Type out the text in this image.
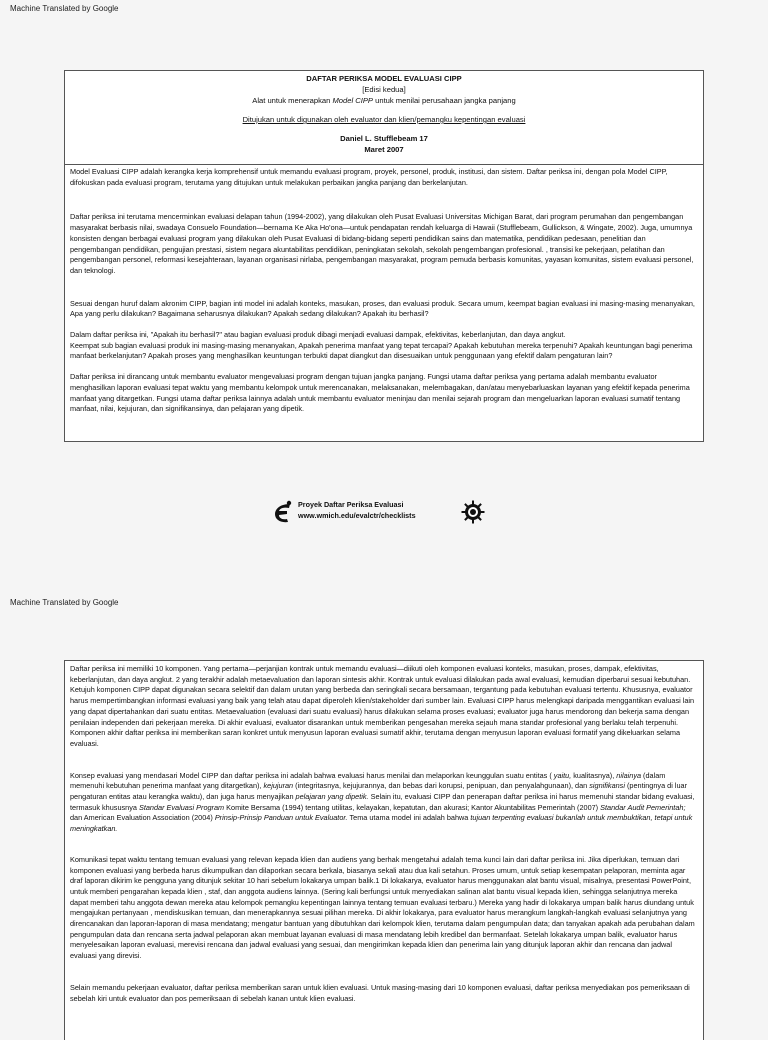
Machine Translated by Google
DAFTAR PERIKSA MODEL EVALUASI CIPP
[Edisi kedua]
Alat untuk menerapkan Model CIPP untuk menilai perusahaan jangka panjang
Ditujukan untuk digunakan oleh evaluator dan klien/pemangku kepentingan evaluasi
Daniel L. Stufflebeam 17
Maret 2007

Model Evaluasi CIPP adalah kerangka kerja komprehensif untuk memandu evaluasi program, proyek, personel, produk, institusi, dan sistem. Daftar periksa ini, dengan pola Model CIPP, difokuskan pada evaluasi program, terutama yang ditujukan untuk melakukan perbaikan jangka panjang dan berkelanjutan.

Daftar periksa ini terutama mencerminkan evaluasi delapan tahun (1994-2002), yang dilakukan oleh Pusat Evaluasi Universitas Michigan Barat, dari program perumahan dan pengembangan masyarakat berbasis nilai, swadaya Consuelo Foundation—bernama Ke Aka Ho'ona—untuk pendapatan rendah keluarga di Hawaii (Stufflebeam, Gullickson, & Wingate, 2002). Juga, umumnya konsisten dengan berbagai evaluasi program yang dilakukan oleh Pusat Evaluasi di bidang-bidang seperti pendidikan sains dan matematika, pendidikan pedesaan, penelitian dan pengembangan pendidikan, pengujian prestasi, sistem negara akuntabilitas pendidikan, peningkatan sekolah, sekolah pengembangan profesional. , transisi ke pekerjaan, pelatihan dan pengembangan personel, reformasi kesejahteraan, layanan organisasi nirlaba, pengembangan masyarakat, program pemuda berbasis komunitas, yayasan komunitas, sistem evaluasi personel, dan teknologi.

Sesuai dengan huruf dalam akronim CIPP, bagian inti model ini adalah konteks, masukan, proses, dan evaluasi produk. Secara umum, keempat bagian evaluasi ini masing-masing menanyakan, Apa yang perlu dilakukan? Bagaimana seharusnya dilakukan? Apakah sedang dilakukan? Apakah itu berhasil?

Dalam daftar periksa ini, "Apakah itu berhasil?" atau bagian evaluasi produk dibagi menjadi evaluasi dampak, efektivitas, keberlanjutan, dan daya angkut.

Keempat sub bagian evaluasi produk ini masing-masing menanyakan, Apakah penerima manfaat yang tepat tercapai? Apakah kebutuhan mereka terpenuhi? Apakah keuntungan bagi penerima manfaat berkelanjutan? Apakah proses yang menghasilkan keuntungan terbukti dapat diangkut dan disesuaikan untuk penggunaan yang efektif dalam pengaturan lain?

Daftar periksa ini dirancang untuk membantu evaluator mengevaluasi program dengan tujuan jangka panjang. Fungsi utama daftar periksa yang pertama adalah membantu evaluator menghasilkan laporan evaluasi tepat waktu yang membantu kelompok untuk merencanakan, melaksanakan, melembagakan, dan/atau menyebarluaskan layanan yang efektif kepada penerima manfaat yang ditargetkan. Fungsi utama daftar periksa lainnya adalah untuk membantu evaluator meninjau dan menilai sejarah program dan mengeluarkan laporan evaluasi sumatif tentang manfaat, nilai, kejujuran, dan signifikansinya, dan pelajaran yang dipetik.

Proyek Daftar Periksa Evaluasi
www.wmich.edu/evalctr/checklists
Machine Translated by Google

Daftar periksa ini memiliki 10 komponen. Yang pertama—perjanjian kontrak untuk memandu evaluasi—diikuti oleh komponen evaluasi konteks, masukan, proses, dampak, efektivitas, keberlanjutan, dan daya angkut. 2 yang terakhir adalah metaevaluation dan laporan sintesis akhir. Kontrak untuk evaluasi dilakukan pada awal evaluasi, kemudian diperbarui sesuai kebutuhan. Ketujuh komponen CIPP dapat digunakan secara selektif dan dalam urutan yang berbeda dan seringkali secara bersamaan, tergantung pada kebutuhan evaluasi tertentu. Khususnya, evaluator harus mempertimbangkan informasi evaluasi yang baik yang telah atau dapat diperoleh klien/stakeholder dari sumber lain. Evaluasi CIPP harus melengkapi daripada menggantikan evaluasi lain yang dapat dipertahankan dari suatu entitas. Metaevaluation (evaluasi dari suatu evaluasi) harus dilakukan selama proses evaluasi; evaluator juga harus mendorong dan bekerja sama dengan penilaian independen dari pekerjaan mereka. Di akhir evaluasi, evaluator disarankan untuk memberikan pengesahan mereka sejauh mana standar profesional yang berlaku telah terpenuhi. Komponen akhir daftar periksa ini memberikan saran konkret untuk menyusun laporan evaluasi sumatif akhir, terutama dengan menyusun laporan evaluasi formatif yang dikeluarkan selama evaluasi.

Konsep evaluasi yang mendasari Model CIPP dan daftar periksa ini adalah bahwa evaluasi harus menilai dan melaporkan keunggulan suatu entitas ( yaitu, kualitasnya), nilainya (dalam memenuhi kebutuhan penerima manfaat yang ditargetkan), kejujuran (integritasnya, kejujurannya, dan bebas dari korupsi, penipuan, dan penyalahgunaan), dan signifikansi (pentingnya di luar pengaturan entitas atau kerangka waktu), dan juga harus menyajikan pelajaran yang dipetik. Selain itu, evaluasi CIPP dan penerapan daftar periksa ini harus memenuhi standar bidang evaluasi, termasuk khususnya Standar Evaluasi Program Komite Bersama (1994) tentang utilitas, kelayakan, kepatutan, dan akurasi; Kantor Akuntabilitas Pemerintah (2007) Standar Audit Pemerintah; dan American Evaluation Association (2004) Prinsip-Prinsip Panduan untuk Evaluator. Tema utama model ini adalah bahwa tujuan terpenting evaluasi bukanlah untuk membuktikan, tetapi untuk meningkatkan.

Komunikasi tepat waktu tentang temuan evaluasi yang relevan kepada klien dan audiens yang berhak mengetahui adalah tema kunci lain dari daftar periksa ini. Jika diperlukan, temuan dari komponen evaluasi yang berbeda harus dikumpulkan dan dilaporkan secara berkala, biasanya sekali atau dua kali setahun. Proses umum, untuk setiap kesempatan pelaporan, meminta agar draf laporan dikirim ke pengguna yang ditunjuk sekitar 10 hari sebelum lokakarya umpan balik.1 Di lokakarya, evaluator harus menggunakan alat bantu visual, misalnya, presentasi PowerPoint, untuk memberi pengarahan kepada klien , staf, dan anggota audiens lainnya. (Sering kali berfungsi untuk menyediakan salinan alat bantu visual kepada klien, sehingga selanjutnya mereka dapat memberi tahu anggota dewan mereka atau kelompok pemangku kepentingan lainnya tentang temuan evaluasi terbaru.) Mereka yang hadir di lokakarya umpan balik harus diundang untuk mengajukan pertanyaan , mendiskusikan temuan, dan menerapkannya sesuai pilihan mereka. Di akhir lokakarya, para evaluator harus merangkum langkah-langkah evaluasi selanjutnya yang direncanakan dan laporan-laporan di masa mendatang; mengatur bantuan yang dibutuhkan dari kelompok klien, terutama dalam pengumpulan data; dan tanyakan apakah ada perubahan dalam pengumpulan data dan rencana serta jadwal pelaporan akan membuat layanan evaluasi di masa mendatang lebih kredibel dan bermanfaat. Setelah lokakarya umpan balik, evaluator harus menyelesaikan laporan evaluasi, merevisi rencana dan jadwal evaluasi yang sesuai, dan mengirimkan kepada klien dan penerima lain yang ditunjuk laporan akhir dan rencana dan jadwal evaluasi yang direvisi.

Selain memandu pekerjaan evaluator, daftar periksa memberikan saran untuk klien evaluasi. Untuk masing-masing dari 10 komponen evaluasi, daftar periksa menyediakan pos pemeriksaan di sebelah kiri untuk evaluator dan pos pemeriksaan di sebelah kanan untuk klien evaluasi.
